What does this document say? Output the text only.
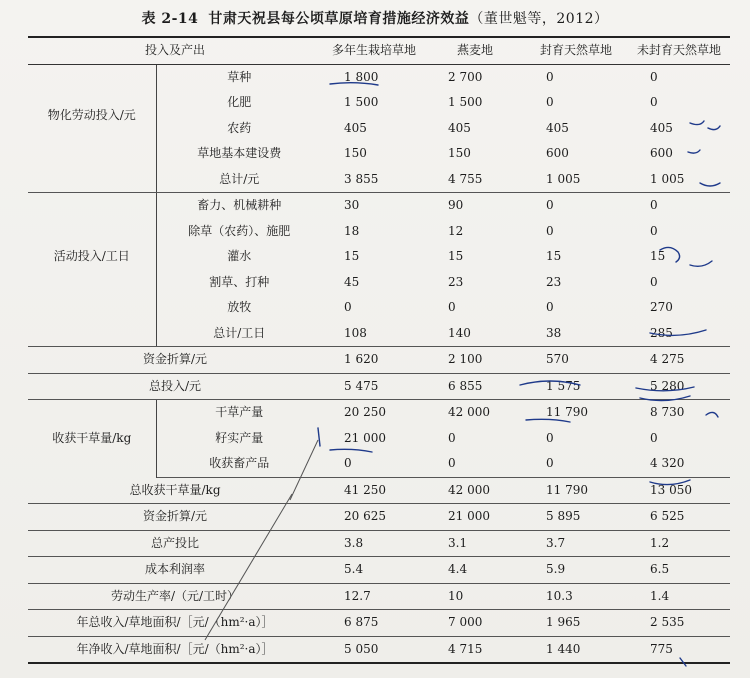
表 2-14 甘肃天祝县每公顷草原培育措施经济效益（董世魁等，2012）
投入及产出		多年生栽培草地	燕麦地	封育天然草地	未封育天然草地
物化劳动投入/元	草种	1 800	2 700	0	0
	化肥	1 500	1 500	0	0
	农药	405	405	405	405
	草地基本建设费	150	150	600	600
	总计/元	3 855	4 755	1 005	1 005
活动投入/工日	畜力、机械耕种	30	90	0	0
	除草（农药）、施肥	18	12	0	0
	灌水	15	15	15	15
	割草、打种	45	23	23	0
	放牧	0	0	0	270
	总计/工日	108	140	38	285
资金折算/元		1 620	2 100	570	4 275
总投入/元		5 475	6 855	1 575	5 280
收获干草量/kg	干草产量	20 250	42 000	11 790	8 730
	籽实产量	21 000	0	0	0
	收获畜产品	0	0	0	4 320
总收获干草量/kg		41 250	42 000	11 790	13 050
资金折算/元		20 625	21 000	5 895	6 525
总产投比		3.8	3.1	3.7	1.2
成本利润率		5.4	4.4	5.9	6.5
劳动生产率/（元/工时）		12.7	10	10.3	1.4
年总收入/草地面积/［元/（hm²·a）］		6 875	7 000	1 965	2 535
年净收入/草地面积/［元/（hm²·a）］		5 050	4 715	1 440	775
